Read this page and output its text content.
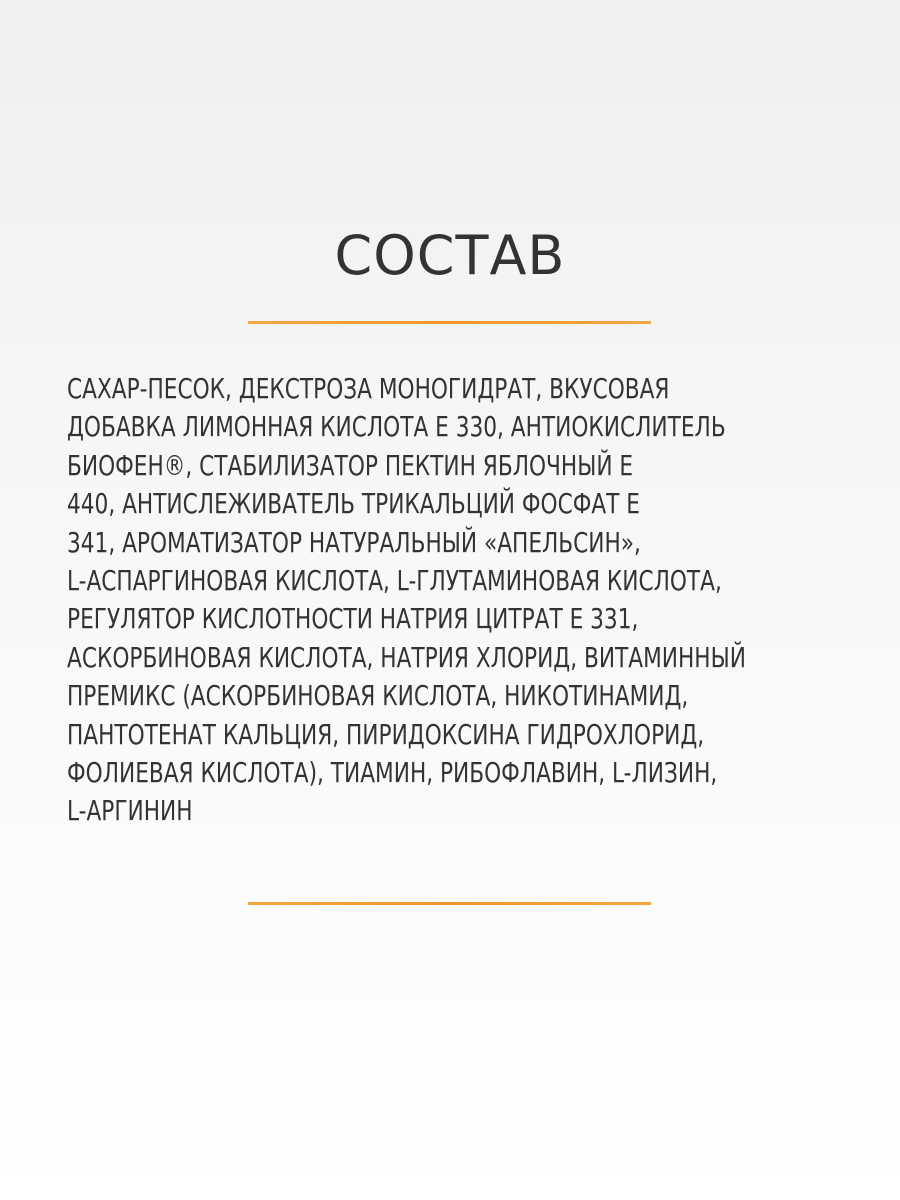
СОСТАВ
САХАР-ПЕСОК, ДЕКСТРОЗА МОНОГИДРАТ, ВКУСОВАЯ
ДОБАВКА ЛИМОННАЯ КИСЛОТА Е 330, АНТИОКИСЛИТЕЛЬ
БИОФЕН®, СТАБИЛИЗАТОР ПЕКТИН ЯБЛОЧНЫЙ Е
440, АНТИСЛЕЖИВАТЕЛЬ ТРИКАЛЬЦИЙ ФОСФАТ Е
341, АРОМАТИЗАТОР НАТУРАЛЬНЫЙ «АПЕЛЬСИН»,
L-АСПАРГИНОВАЯ КИСЛОТА, L-ГЛУТАМИНОВАЯ КИСЛОТА,
РЕГУЛЯТОР КИСЛОТНОСТИ НАТРИЯ ЦИТРАТ Е 331,
АСКОРБИНОВАЯ КИСЛОТА, НАТРИЯ ХЛОРИД, ВИТАМИННЫЙ
ПРЕМИКС (АСКОРБИНОВАЯ КИСЛОТА, НИКОТИНАМИД,
ПАНТОТЕНАТ КАЛЬЦИЯ, ПИРИДОКСИНА ГИДРОХЛОРИД,
ФОЛИЕВАЯ КИСЛОТА), ТИАМИН, РИБОФЛАВИН, L-ЛИЗИН,
L-АРГИНИН
